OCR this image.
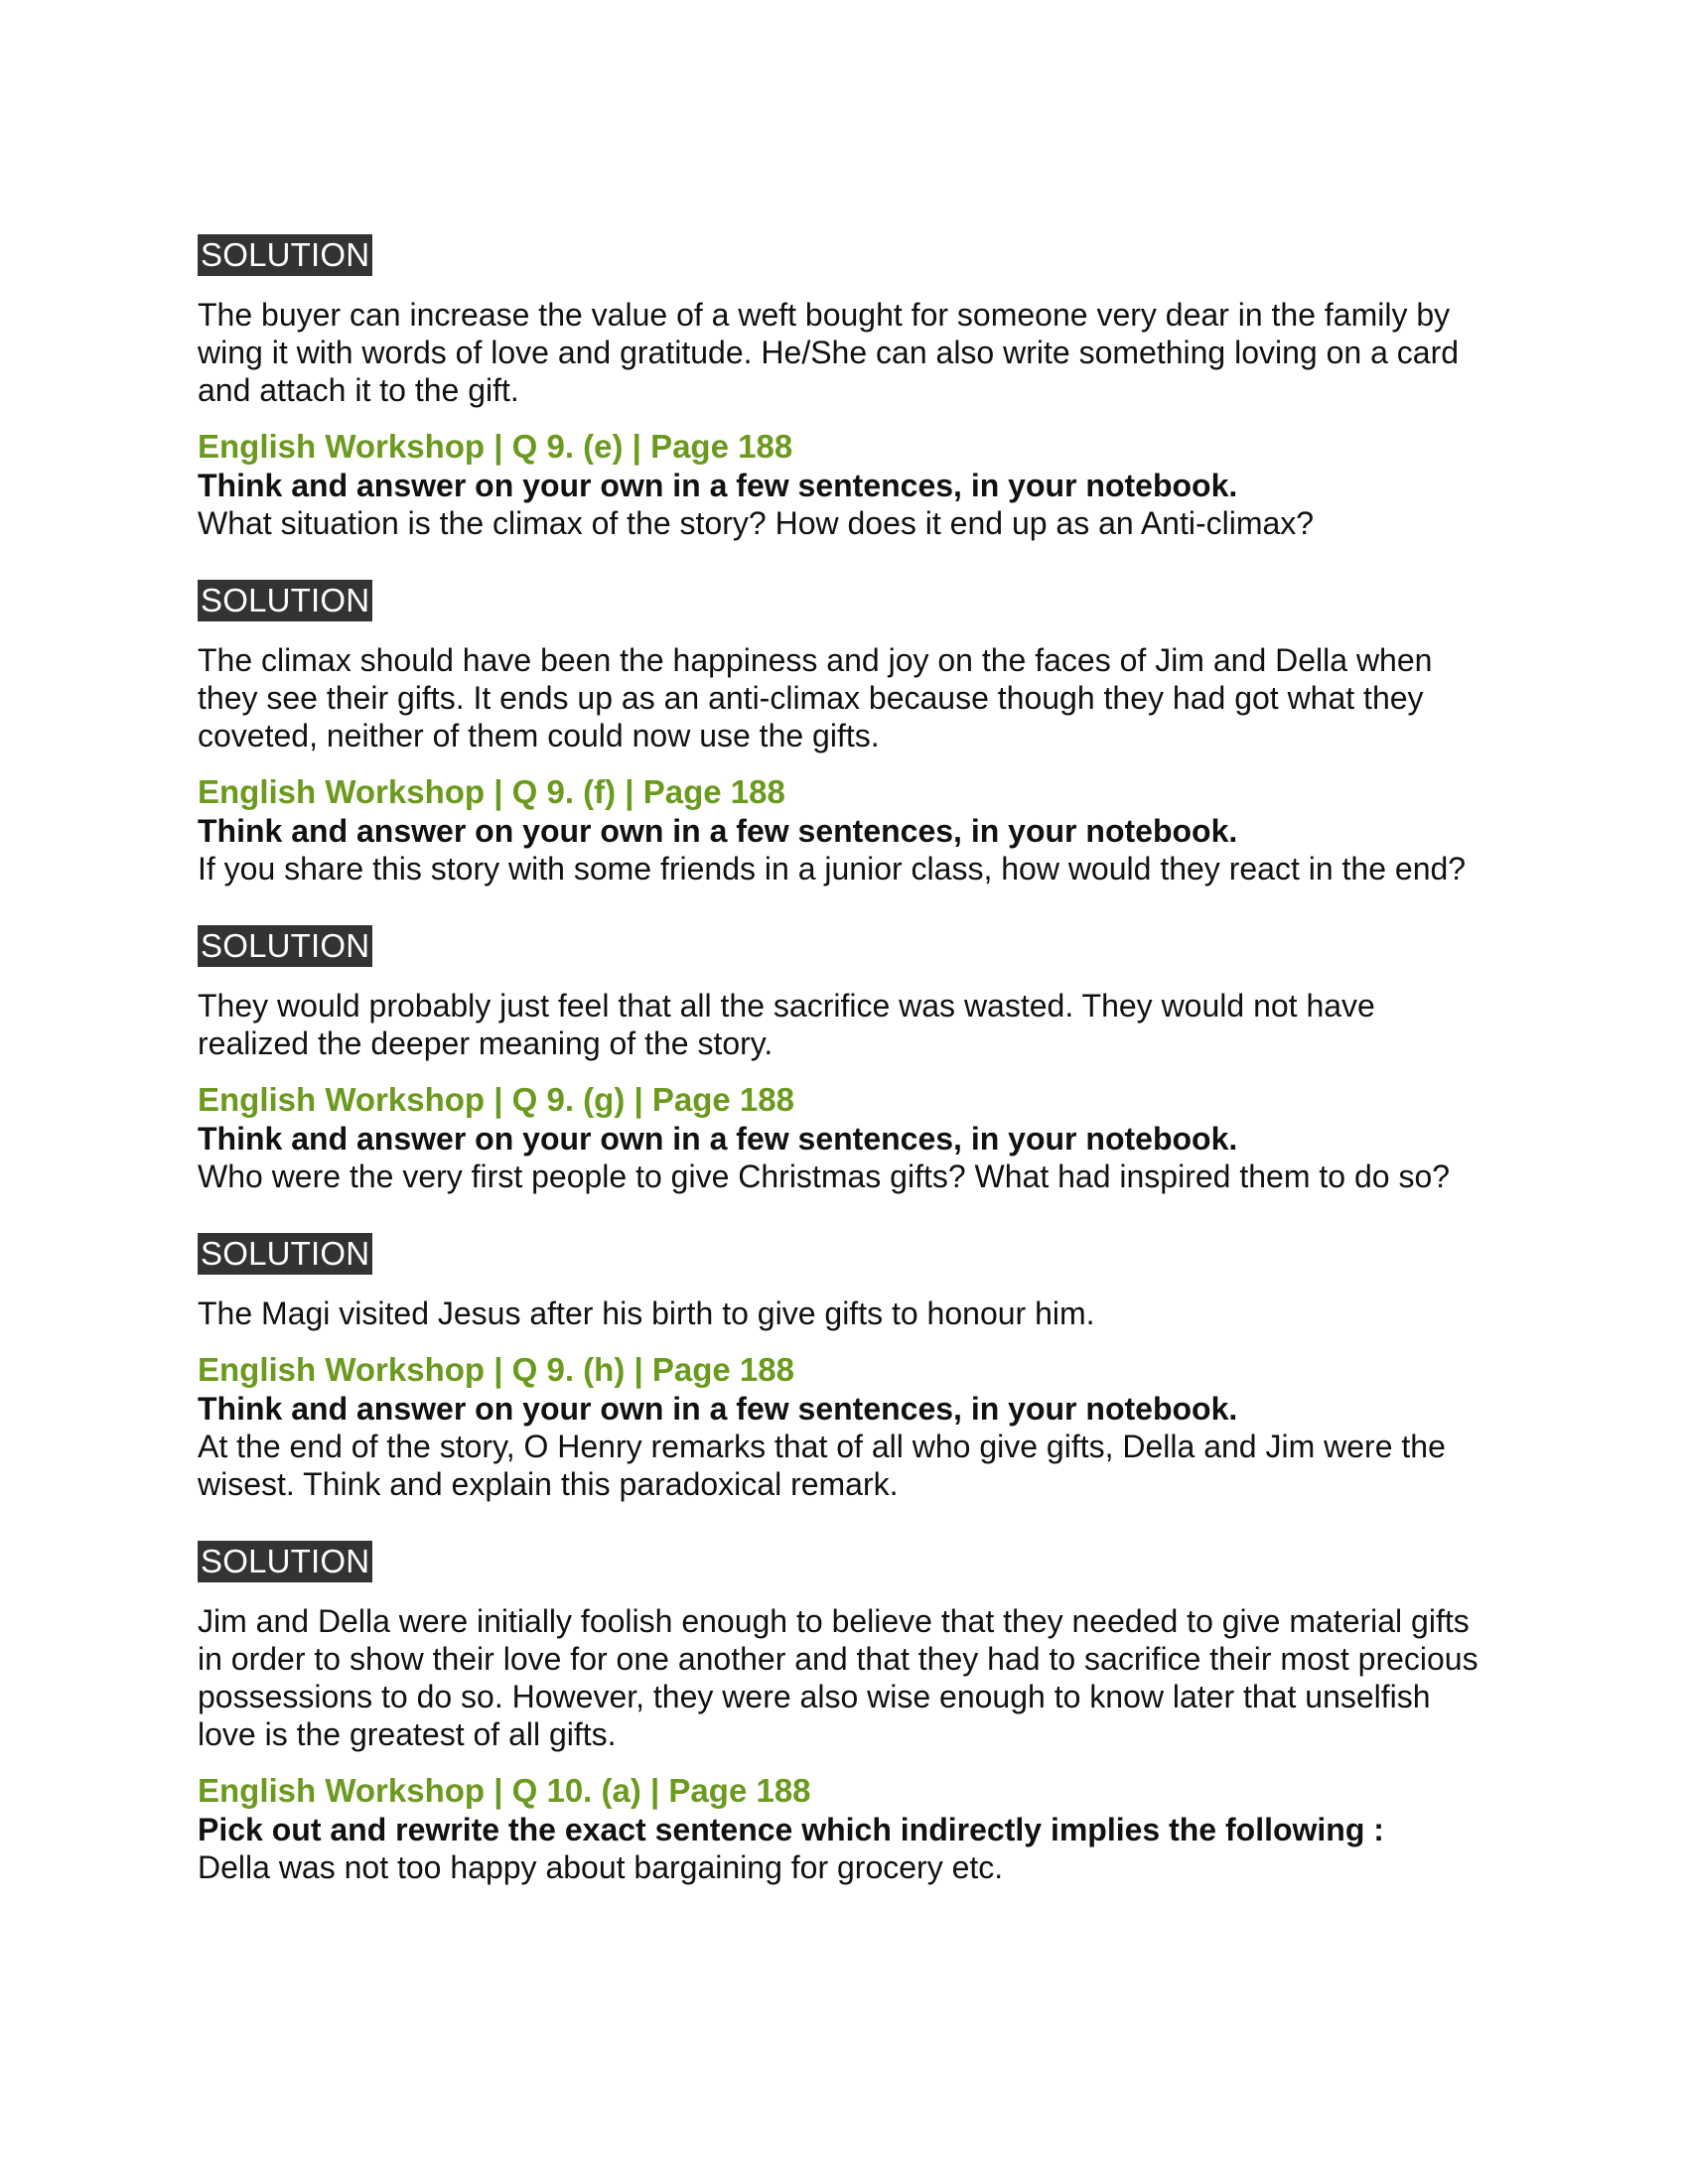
SOLUTION

The buyer can increase the value of a weft bought for someone very dear in the family by wing it with words of love and gratitude. He/She can also write something loving on a card and attach it to the gift.

English Workshop | Q 9. (e) | Page 188
Think and answer on your own in a few sentences, in your notebook.
What situation is the climax of the story? How does it end up as an Anti-climax?
SOLUTION

The climax should have been the happiness and joy on the faces of Jim and Della when they see their gifts. It ends up as an anti-climax because though they had got what they coveted, neither of them could now use the gifts.

English Workshop | Q 9. (f) | Page 188
Think and answer on your own in a few sentences, in your notebook.
If you share this story with some friends in a junior class, how would they react in the end?
SOLUTION

They would probably just feel that all the sacrifice was wasted. They would not have realized the deeper meaning of the story.

English Workshop | Q 9. (g) | Page 188
Think and answer on your own in a few sentences, in your notebook.
Who were the very first people to give Christmas gifts? What had inspired them to do so?
SOLUTION

The Magi visited Jesus after his birth to give gifts to honour him.

English Workshop | Q 9. (h) | Page 188
Think and answer on your own in a few sentences, in your notebook.
At the end of the story, O Henry remarks that of all who give gifts, Della and Jim were the wisest. Think and explain this paradoxical remark.
SOLUTION

Jim and Della were initially foolish enough to believe that they needed to give material gifts in order to show their love for one another and that they had to sacrifice their most precious possessions to do so. However, they were also wise enough to know later that unselfish love is the greatest of all gifts.

English Workshop | Q 10. (a) | Page 188
Pick out and rewrite the exact sentence which indirectly implies the following :
Della was not too happy about bargaining for grocery etc.
